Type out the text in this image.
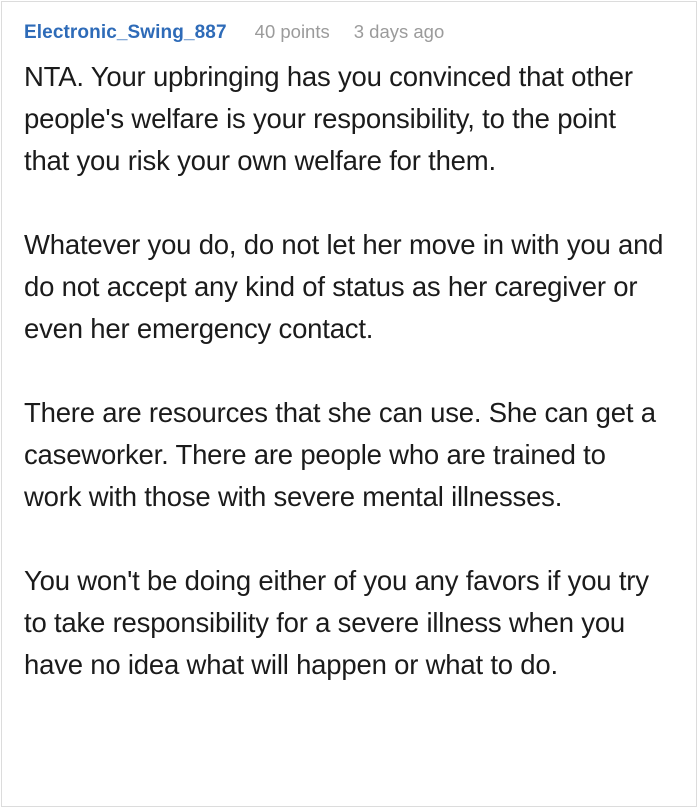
Electronic_Swing_887 40 points 3 days ago

NTA. Your upbringing has you convinced that other people's welfare is your responsibility, to the point that you risk your own welfare for them.

Whatever you do, do not let her move in with you and do not accept any kind of status as her caregiver or even her emergency contact.

There are resources that she can use. She can get a caseworker. There are people who are trained to work with those with severe mental illnesses.

You won't be doing either of you any favors if you try to take responsibility for a severe illness when you have no idea what will happen or what to do.
